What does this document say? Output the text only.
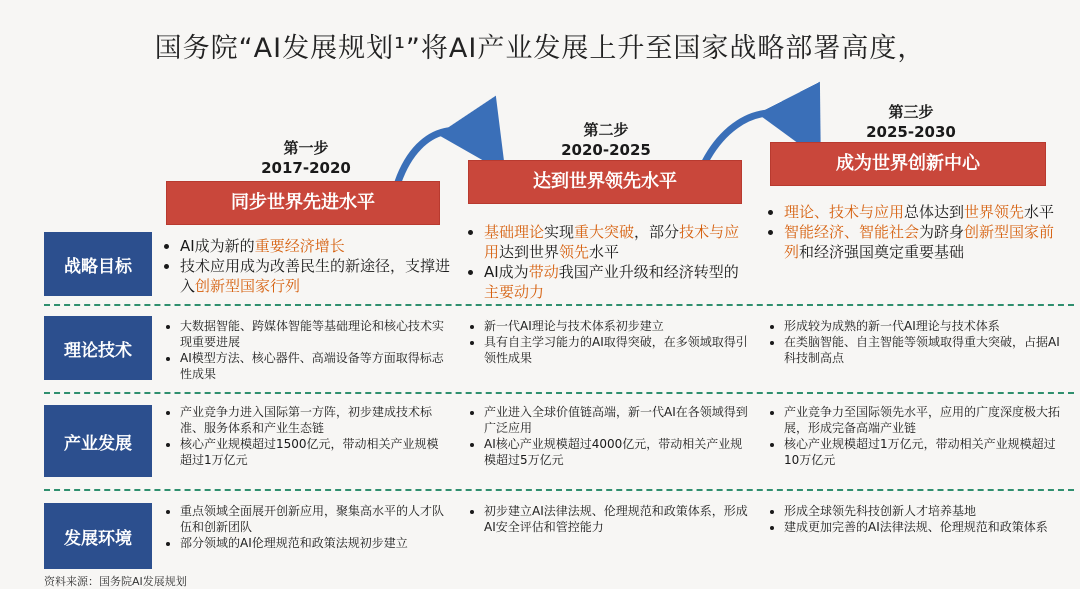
国务院“AI发展规划¹”将AI产业发展上升至国家战略部署高度，
第一步
2017-2020
同步世界先进水平
第二步
2020-2025
达到世界领先水平
第三步
2025-2030
成为世界创新中心
战略目标
理论技术
产业发展
发展环境
• AI成为新的重要经济增长
• 技术应用成为改善民生的新途径，支撑进入创新型国家行列
• 基础理论实现重大突破，部分技术与应用达到世界领先水平
• AI成为带动我国产业升级和经济转型的主要动力
• 理论、技术与应用总体达到世界领先水平
• 智能经济、智能社会为跻身创新型国家前列和经济强国奠定重要基础
• 大数据智能、跨媒体智能等基础理论和核心技术实现重要进展
• AI模型方法、核心器件、高端设备等方面取得标志性成果
• 新一代AI理论与技术体系初步建立
• 具有自主学习能力的AI取得突破，在多领域取得引领性成果
• 形成较为成熟的新一代AI理论与技术体系
• 在类脑智能、自主智能等领域取得重大突破，占据AI科技制高点
• 产业竞争力进入国际第一方阵，初步建成技术标准、服务体系和产业生态链
• 核心产业规模超过1500亿元，带动相关产业规模超过1万亿元
• 产业进入全球价值链高端，新一代AI在各领域得到广泛应用
• AI核心产业规模超过4000亿元，带动相关产业规模超过5万亿元
• 产业竞争力至国际领先水平，应用的广度深度极大拓展，形成完备高端产业链
• 核心产业规模超过1万亿元，带动相关产业规模超过10万亿元
• 重点领域全面展开创新应用，聚集高水平的人才队伍和创新团队
• 部分领域的AI伦理规范和政策法规初步建立
• 初步建立AI法律法规、伦理规范和政策体系，形成AI安全评估和管控能力
• 形成全球领先科技创新人才培养基地
• 建成更加完善的AI法律法规、伦理规范和政策体系
资料来源：国务院AI发展规划
